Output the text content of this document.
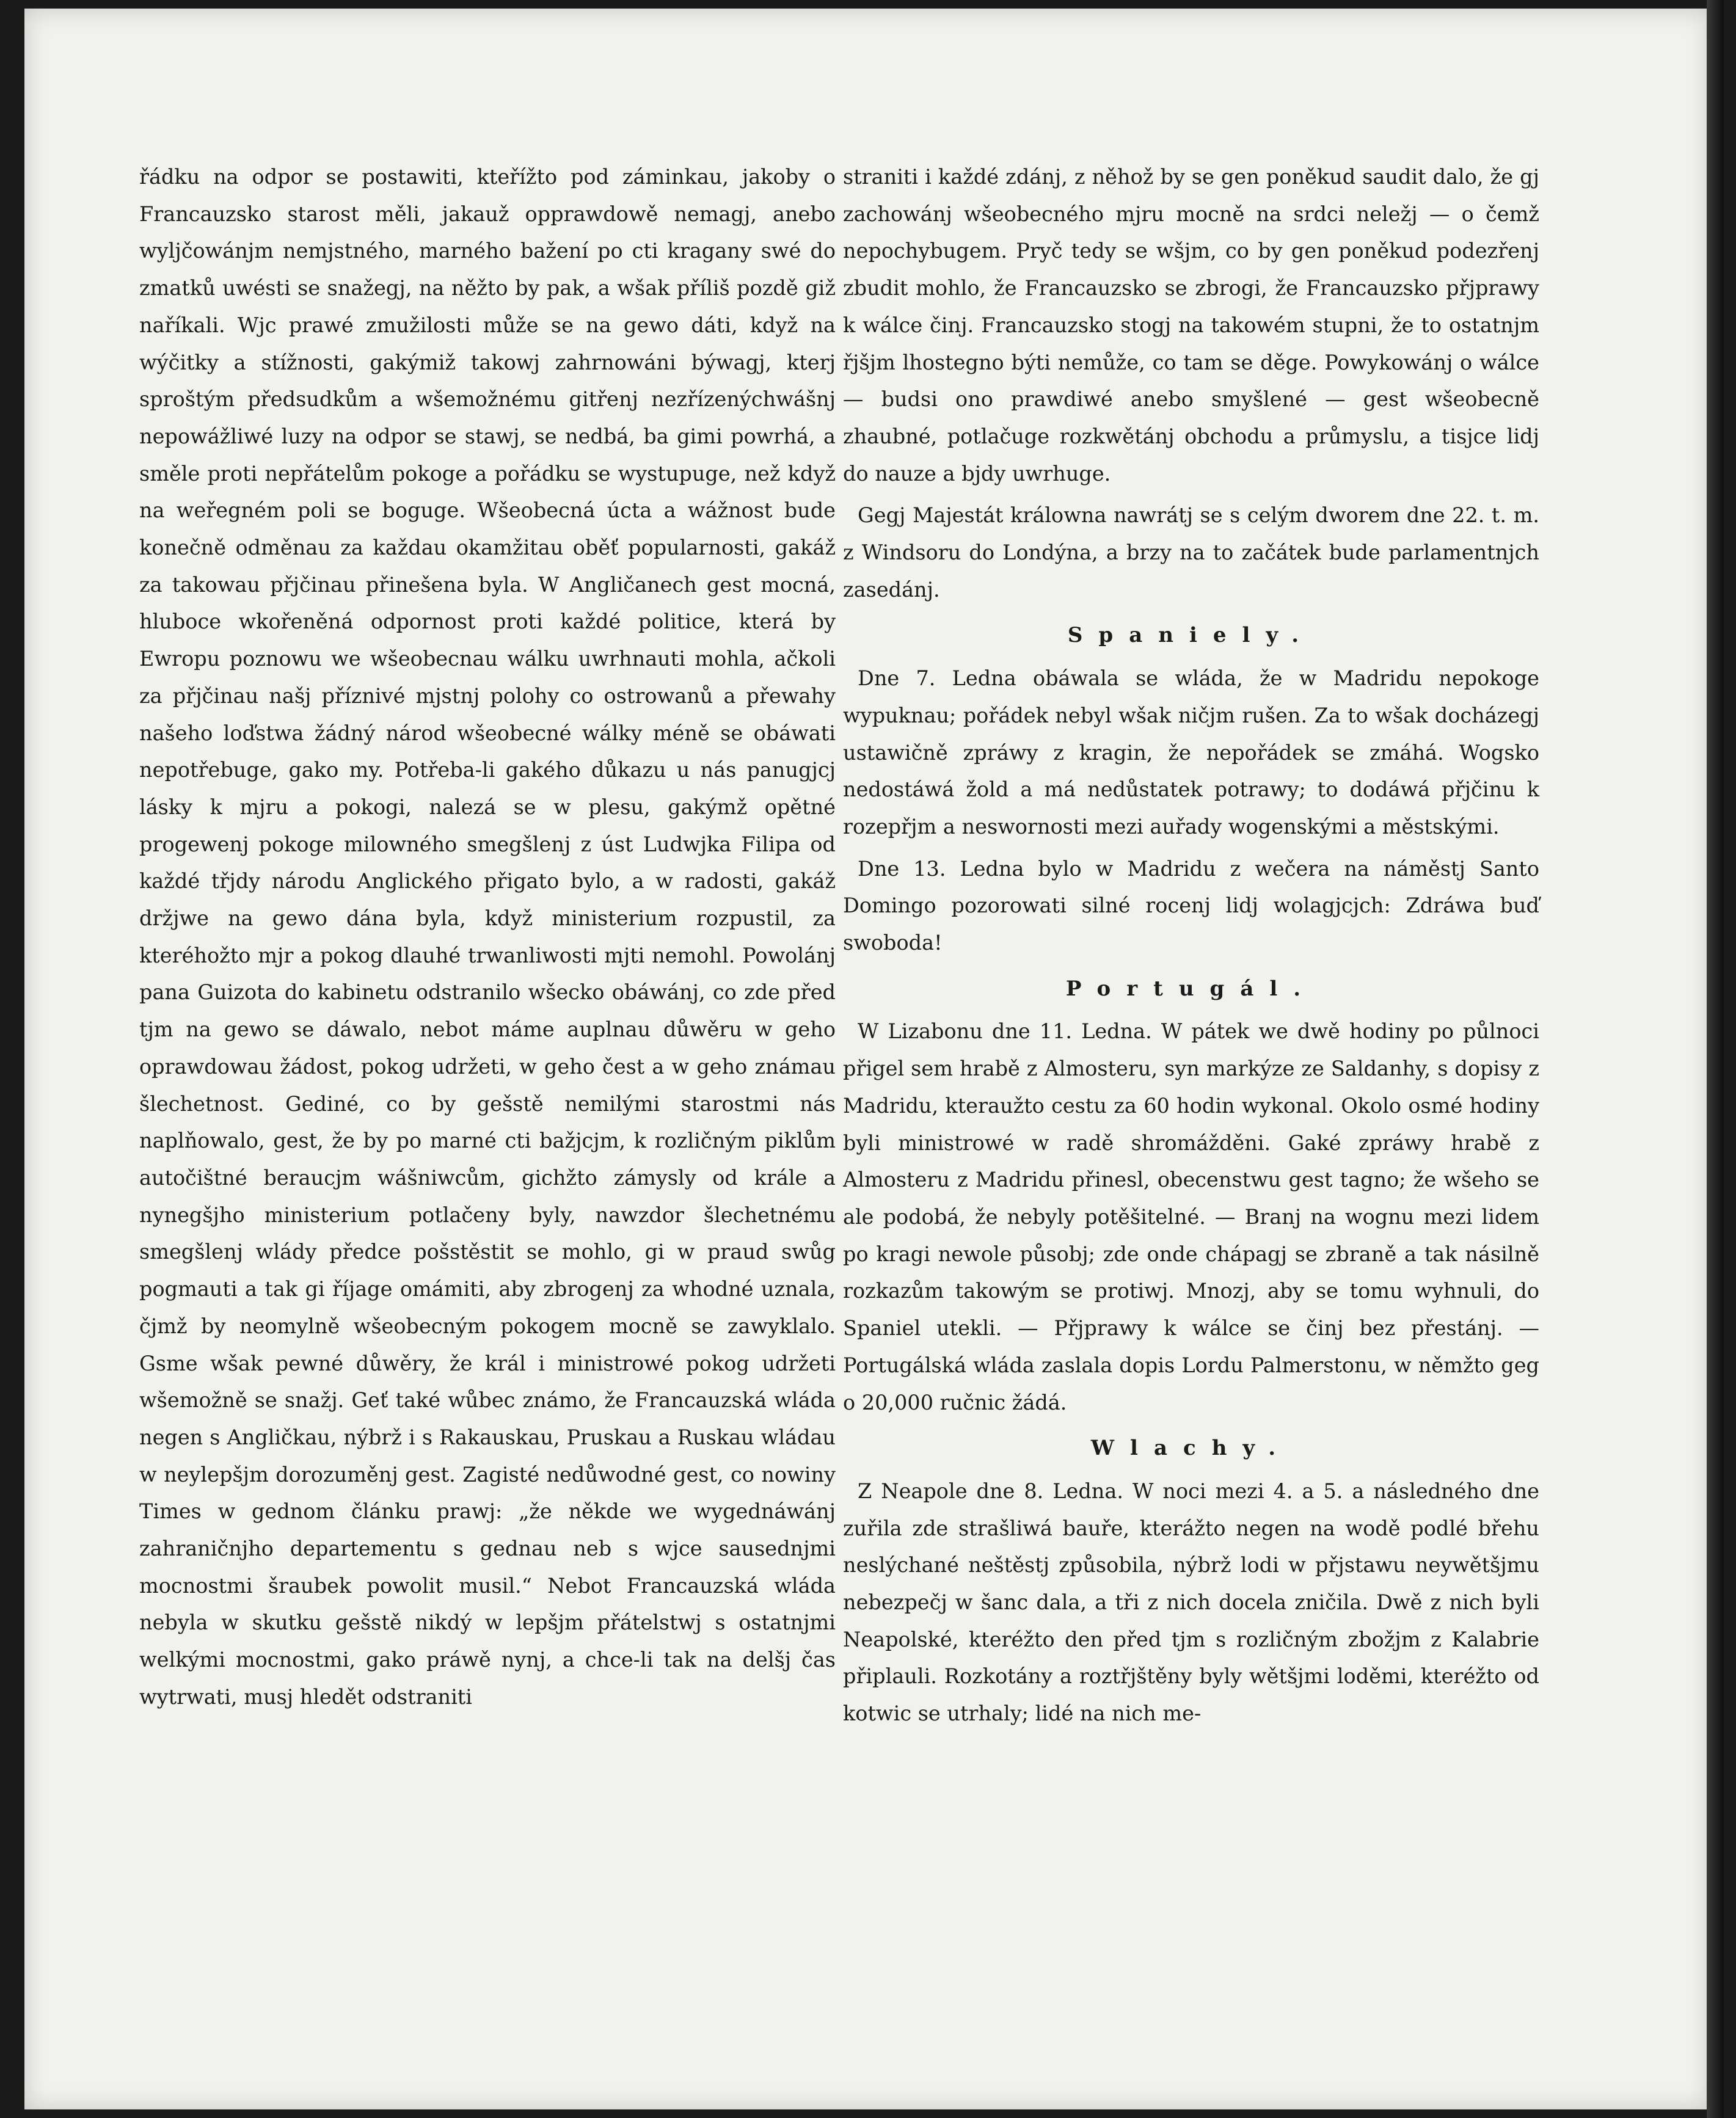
řádku na odpor se postawiti, kteřížto pod záminkau, jakoby o Francauzsko starost měli, jakauž opprawdowě nemagj, anebo wyljčowánjm nemjstného, marného bažení po cti kragany swé do zmatků uwésti se snažegj, na něžto by pak, a wšak příliš pozdě giž naříkali. Wjc prawé zmužilosti může se na gewo dáti, když na wýčitky a stížnosti, gakýmiž takowj zahrnowáni býwagj, kterj sproštým předsudkům a wšemožnému gitřenj nezřízenýchwášnj nepowážliwé luzy na odpor se stawj, se nedbá, ba gimi powrhá, a směle proti nepřátelům pokoge a pořádku se wystupuge, než když na weřegném poli se boguge. Wšeobecná úcta a wážnost bude konečně odměnau za každau okamžitau oběť popularnosti, gakáž za takowau přjčinau přinešena byla. W Angličanech gest mocná, hluboce wkořeněná odpornost proti každé politice, která by Ewropu poznowu we wšeobecnau wálku uwrhnauti mohla, ačkoli za přjčinau našj příznivé mjstnj polohy co ostrowanů a přewahy našeho loďstwa žádný národ wšeobecné wálky méně se obáwati nepotřebuge, gako my. Potřeba-li gakého důkazu u nás panugjcj lásky k mjru a pokogi, nalezá se w plesu, gakýmž opětné progewenj pokoge milowného smegšlenj z úst Ludwjka Filipa od každé třjdy národu Anglického přigato bylo, a w radosti, gakáž držjwe na gewo dána byla, když ministerium rozpustil, za kteréhožto mjr a pokog dlauhé trwanliwosti mjti nemohl. Powolánj pana Guizota do kabinetu odstranilo wšecko obáwánj, co zde před tjm na gewo se dáwalo, nebot máme auplnau důwěru w geho oprawdowau žádost, pokog udržeti, w geho čest a w geho známau šlechetnost. Gediné, co by gešstě nemilými starostmi nás naplňowalo, gest, že by po marné cti bažjcjm, k rozličným piklům autočištné beraucjm wášniwcům, gichžto zámysly od krále a nynegšjho ministerium potlačeny byly, nawzdor šlechetnému smegšlenj wlády předce pošstěstit se mohlo, gi w praud swůg pogmauti a tak gi říjage omámiti, aby zbrogenj za whodné uznala, čjmž by neomylně wšeobecným pokogem mocně se zawyklalo. Gsme wšak pewné důwěry, že král i ministrowé pokog udržeti wšemožně se snažj. Geť také wůbec známo, že Francauzská wláda negen s Angličkau, nýbrž i s Rakauskau, Pruskau a Ruskau wládau w neylepšjm dorozuměnj gest. Zagisté nedůwodné gest, co nowiny Times w gednom článku prawj: „že někde we wygednáwánj zahraničnjho departementu s gednau neb s wjce sausednjmi mocnostmi šraubek powolit musil.“ Nebot Francauzská wláda nebyla w skutku gešstě nikdý w lepšjm přátelstwj s ostatnjmi welkými mocnostmi, gako práwě nynj, a chce-li tak na delšj čas wytrwati, musj hledět odstraniti

straniti i každé zdánj, z něhož by se gen poněkud saudit dalo, že gj zachowánj wšeobecného mjru mocně na srdci neležj — o čemž nepochybugem. Pryč tedy se wšjm, co by gen poněkud podezřenj zbudit mohlo, že Francauzsko se zbrogi, že Francauzsko přjprawy k wálce činj. Francauzsko stogj na takowém stupni, že to ostatnjm řjšjm lhostegno býti nemůže, co tam se děge. Powykowánj o wálce — budsi ono prawdiwé anebo smyšlené — gest wšeobecně zhaubné, potlačuge rozkwětánj obchodu a průmyslu, a tisjce lidj do nauze a bjdy uwrhuge.

Gegj Majestát králowna nawrátj se s celým dworem dne 22. t. m. z Windsoru do Londýna, a brzy na to začátek bude parlamentnjch zasedánj.

Spaniely.

Dne 7. Ledna obáwala se wláda, že w Madridu nepokoge wypuknau; pořádek nebyl wšak ničjm rušen. Za to wšak docházegj ustawičně zpráwy z kragin, že nepořádek se zmáhá. Wogsko nedostáwá žold a má nedůstatek potrawy; to dodáwá přjčinu k rozepřjm a neswornosti mezi auřady wogenskými a městskými.

Dne 13. Ledna bylo w Madridu z wečera na náměstj Santo Domingo pozorowati silné rocenj lidj wolagjcjch: Zdráwa buď swoboda!

Portugál.

W Lizabonu dne 11. Ledna. W pátek we dwě hodiny po půlnoci přigel sem hrabě z Almosteru, syn markýze ze Saldanhy, s dopisy z Madridu, kteraužto cestu za 60 hodin wykonal. Okolo osmé hodiny byli ministrowé w radě shromážděni. Gaké zpráwy hrabě z Almosteru z Madridu přinesl, obecenstwu gest tagno; že wšeho se ale podobá, že nebyly potěšitelné. — Branj na wognu mezi lidem po kragi newole působj; zde onde chápagj se zbraně a tak násilně rozkazům takowým se protiwj. Mnozj, aby se tomu wyhnuli, do Spaniel utekli. — Přjprawy k wálce se činj bez přestánj. — Portugálská wláda zaslala dopis Lordu Palmerstonu, w němžto geg o 20,000 ručnic žádá.

Wlachy.

Z Neapole dne 8. Ledna. W noci mezi 4. a 5. a následného dne zuřila zde strašliwá bauře, kterážto negen na wodě podlé břehu neslýchané neštěstj způsobila, nýbrž lodi w přjstawu neywětšjmu nebezpečj w šanc dala, a tři z nich docela zničila. Dwě z nich byli Neapolské, kteréžto den před tjm s rozličným zbožjm z Kalabrie připlauli. Rozkotány a roztřjštěny byly wětšjmi loděmi, kteréžto od kotwic se utrhaly; lidé na nich me-
